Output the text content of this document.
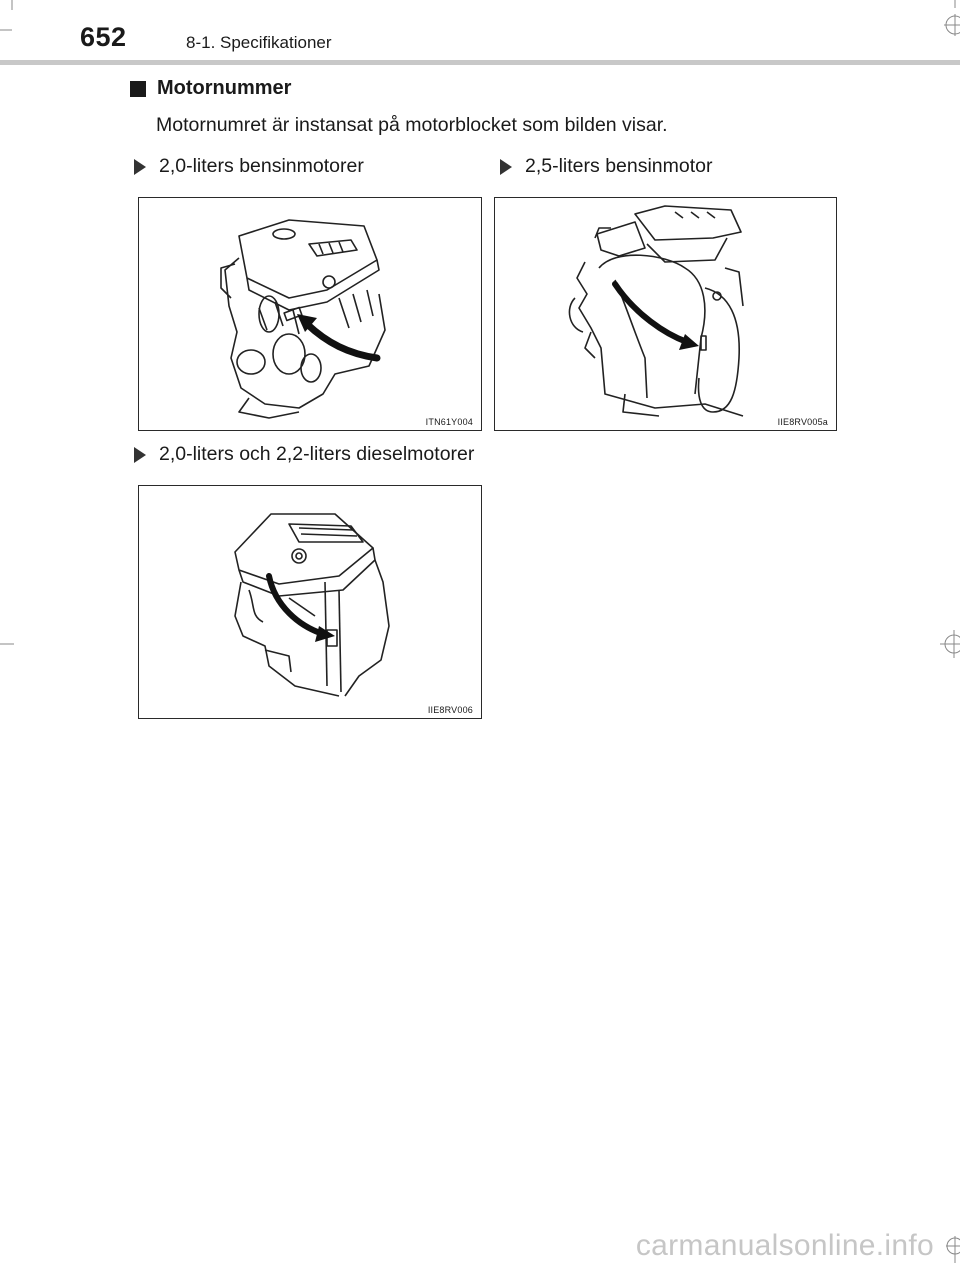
652	8-1. Specifikationer
Motornummer
Motornumret är instansat på motorblocket som bilden visar.
2,0-liters bensinmotorer	2,5-liters bensinmotor
ITN61Y004	IIE8RV005a
2,0-liters och 2,2-liters dieselmotorer
IIE8RV006
carmanualsonline.info
